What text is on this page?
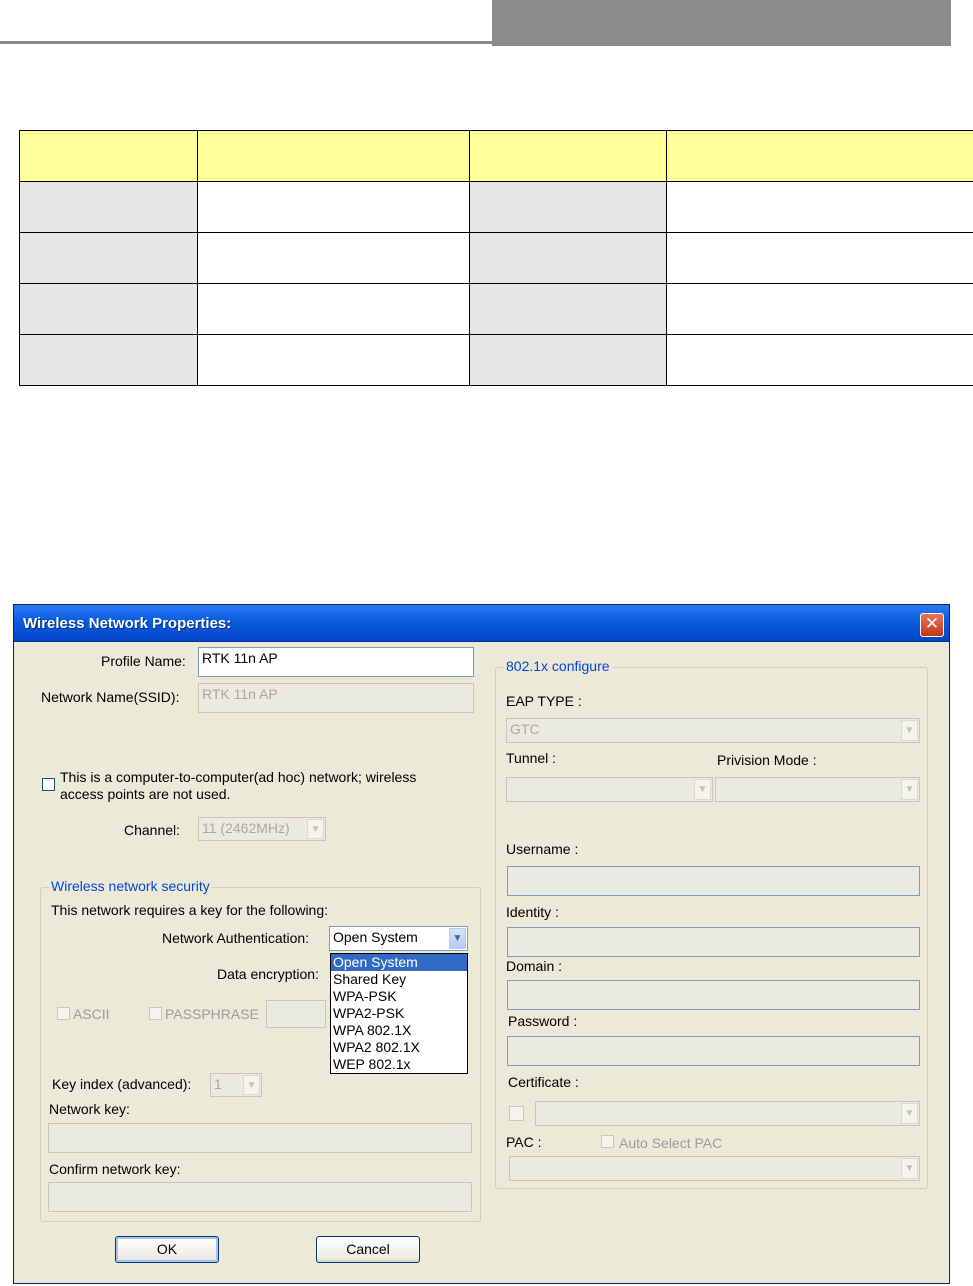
Wireless Network Properties:	✕
Profile Name: RTK 11n AP
Network Name(SSID): RTK 11n AP
This is a computer-to-computer(ad hoc) network; wireless
access points are not used.
Channel: 11 (2462MHz)	▼
Wireless network security
This network requires a key for the following:
Network Authentication: Open System	▼
Data encryption:
ASCII	PASSPHRASE
Key index (advanced): 1	▼
Network key:
Confirm network key:
Open System
Shared Key
WPA-PSK
WPA2-PSK
WPA 802.1X
WPA2 802.1X
WEP 802.1x
802.1x configure
EAP TYPE :
GTC	▼
Tunnel :	Privision Mode :
▼	▼
Username :
Identity :
Domain :
Password :
Certificate :
▼
PAC :	Auto Select PAC
▼
OK	Cancel
